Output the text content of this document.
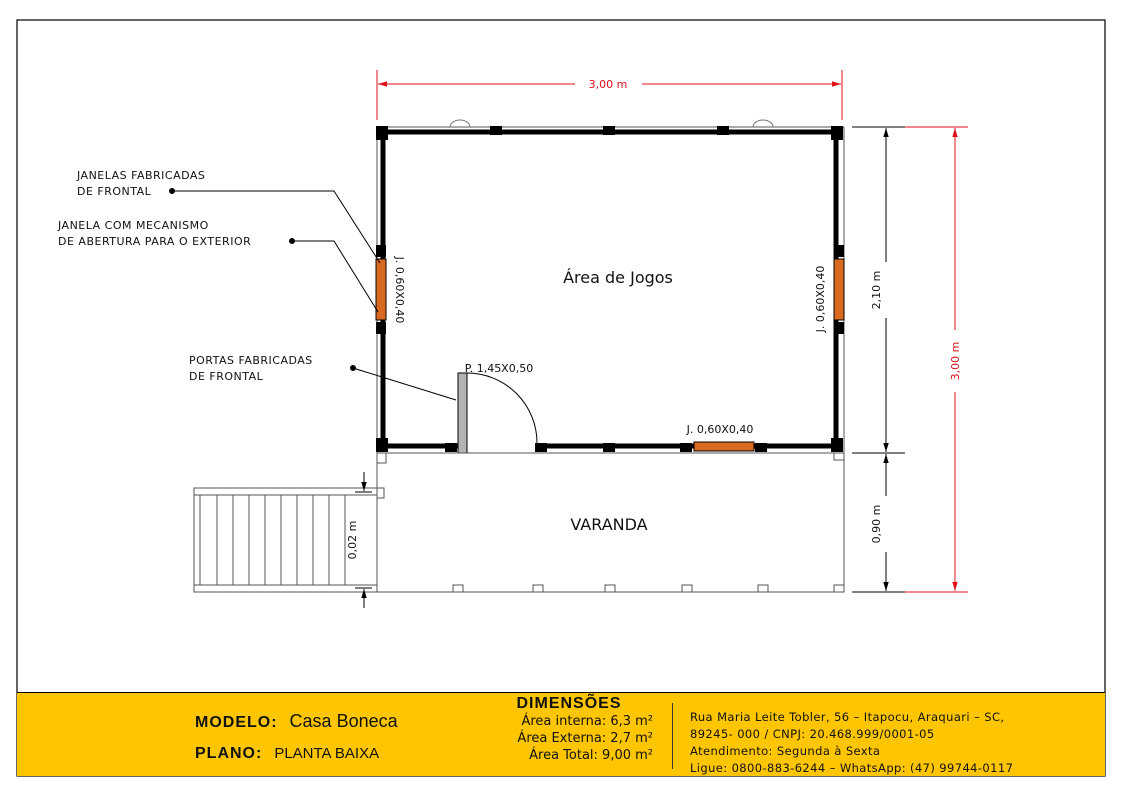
3,00 m
2,10 m
0,90 m
3,00 m
0,02 m
J. 0,60X0,40	J. 0,60X0,40
J. 0,60X0,40
P. 1,45X0,50
Área de Jogos
VARANDA
JANELAS FABRICADAS
DE FRONTAL
JANELA COM MECANISMO
DE ABERTURA PARA O EXTERIOR
PORTAS FABRICADAS
DE FRONTAL
MODELO: Casa Boneca
PLANO: PLANTA BAIXA
DIMENSÕES
Área interna: 6,3 m²
Área Externa: 2,7 m²
Área Total: 9,00 m²
Rua Maria Leite Tobler, 56 – Itapocu, Araquari – SC,
89245- 000 / CNPJ: 20.468.999/0001-05
Atendimento: Segunda à Sexta
Ligue: 0800-883-6244 – WhatsApp: (47) 99744-0117
